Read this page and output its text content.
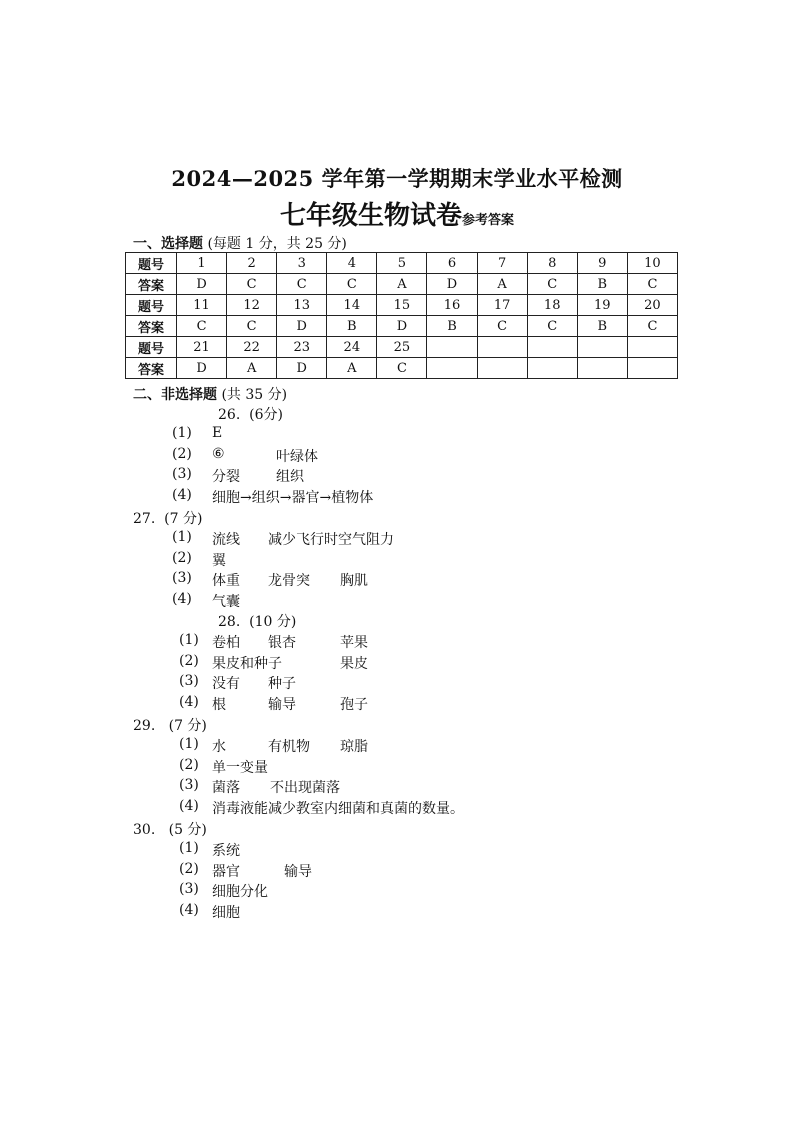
2024—2025 学年第一学期期末学业水平检测
七年级生物试卷参考答案
一、选择题 (每题 1 分，共 25 分)
题号	1	2	3	4	5	6	7	8	9	10
答案	D	C	C	C	A	D	A	C	B	C
题号	11	12	13	14	15	16	17	18	19	20
答案	C	C	D	B	D	B	C	C	B	C
题号	21	22	23	24	25					
答案	D	A	D	A	C					
二、非选择题 (共 35 分)
26.  (6分)
(1) E
(2) ⑥	叶绿体
(3) 分裂	组织
(4) 细胞→组织→器官→植物体
27.  (7 分)
(1) 流线 减少飞行时空气阻力
(2) 翼
(3) 体重 龙骨突 胸肌
(4) 气囊
28.  (10 分)
(1) 卷柏 银杏	苹果
(2) 果皮和种子	果皮
(3) 没有 种子
(4) 根	输导	孢子
29.   (7 分)
(1) 水	有机物 琼脂
(2) 单一变量
(3) 菌落 不出现菌落
(4) 消毒液能减少教室内细菌和真菌的数量。
30.   (5 分)
(1) 系统
(2) 器官	输导
(3) 细胞分化
(4) 细胞
